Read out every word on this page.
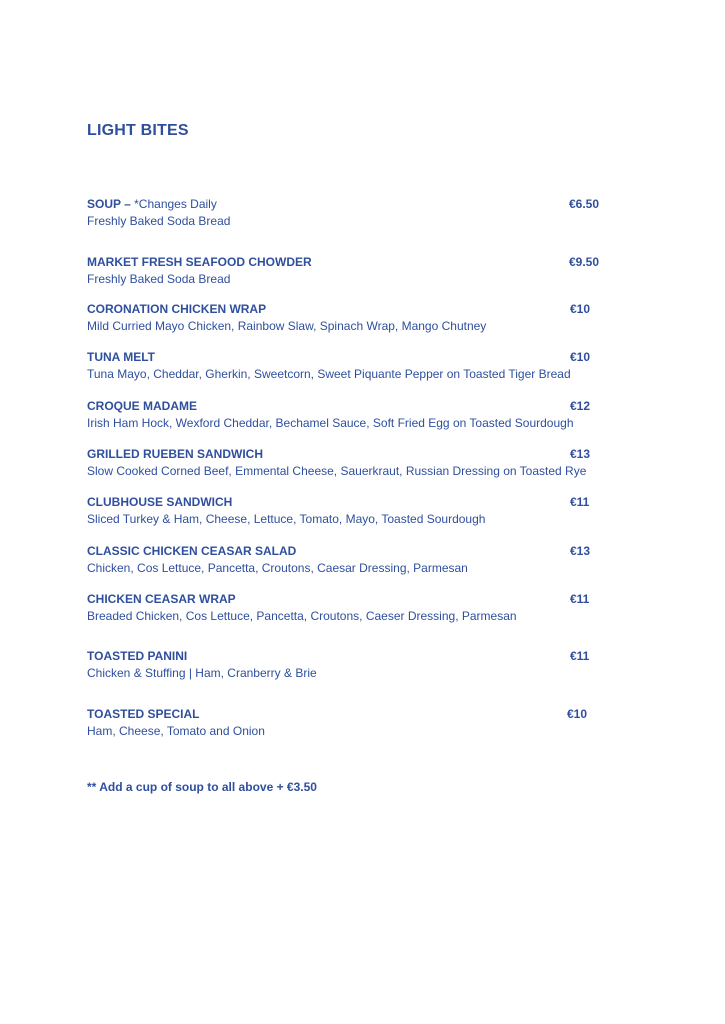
LIGHT BITES
SOUP – *Changes Daily
Freshly Baked Soda Bread
€6.50
MARKET FRESH SEAFOOD CHOWDER
Freshly Baked Soda Bread
€9.50
CORONATION CHICKEN WRAP
Mild Curried Mayo Chicken, Rainbow Slaw, Spinach Wrap, Mango Chutney
€10
TUNA MELT
Tuna Mayo, Cheddar, Gherkin, Sweetcorn, Sweet Piquante Pepper on Toasted Tiger Bread
€10
CROQUE MADAME
Irish Ham Hock, Wexford Cheddar, Bechamel Sauce, Soft Fried Egg on Toasted Sourdough
€12
GRILLED RUEBEN SANDWICH
Slow Cooked Corned Beef, Emmental Cheese, Sauerkraut, Russian Dressing on Toasted Rye
€13
CLUBHOUSE SANDWICH
Sliced Turkey & Ham, Cheese, Lettuce, Tomato, Mayo, Toasted Sourdough
€11
CLASSIC CHICKEN CEASAR SALAD
Chicken, Cos Lettuce, Pancetta, Croutons, Caesar Dressing, Parmesan
€13
CHICKEN CEASAR WRAP
Breaded Chicken, Cos Lettuce, Pancetta, Croutons, Caeser Dressing, Parmesan
€11
TOASTED PANINI
Chicken & Stuffing | Ham, Cranberry & Brie
€11
TOASTED SPECIAL
Ham, Cheese, Tomato and Onion
€10
** Add a cup of soup to all above + €3.50
